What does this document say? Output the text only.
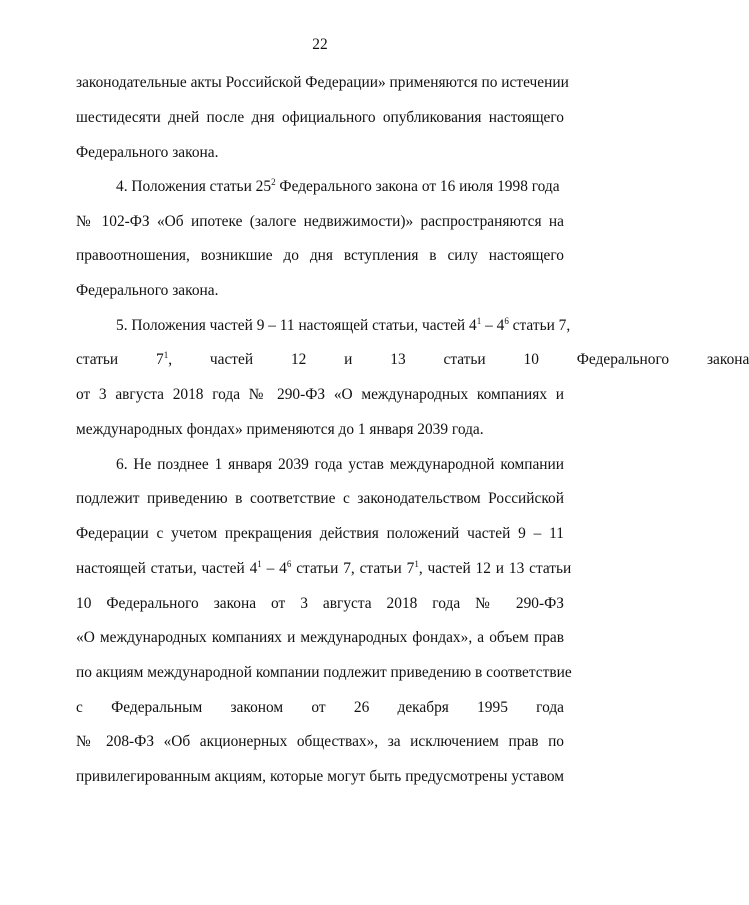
22
законодательные акты Российской Федерации» применяются по истечении
шестидесяти дней после дня официального опубликования настоящего
Федерального закона.
4. Положения статьи $25^2$ Федерального закона от 16 июля 1998 года
№ 102-ФЗ «Об ипотеке (залоге недвижимости)» распространяются на
правоотношения, возникшие до дня вступления в силу настоящего
Федерального закона.
5. Положения частей 9 – 11 настоящей статьи, частей $4^1 - 4^6$ статьи 7,
статьи $7^1$, частей 12 и 13 статьи 10 Федерального закона
от 3 августа 2018 года № 290-ФЗ «О международных компаниях и
международных фондах» применяются до 1 января 2039 года.
6. Не позднее 1 января 2039 года устав международной компании
подлежит приведению в соответствие с законодательством Российской
Федерации с учетом прекращения действия положений частей 9 – 11
настоящей статьи, частей $4^1 - 4^6$ статьи 7, статьи $7^1$, частей 12 и 13 статьи
10 Федерального закона от 3 августа 2018 года № 290-ФЗ
«О международных компаниях и международных фондах», а объем прав
по акциям международной компании подлежит приведению в соответствие
с Федеральным законом от 26 декабря 1995 года
№ 208-ФЗ «Об акционерных обществах», за исключением прав по
привилегированным акциям, которые могут быть предусмотрены уставом
